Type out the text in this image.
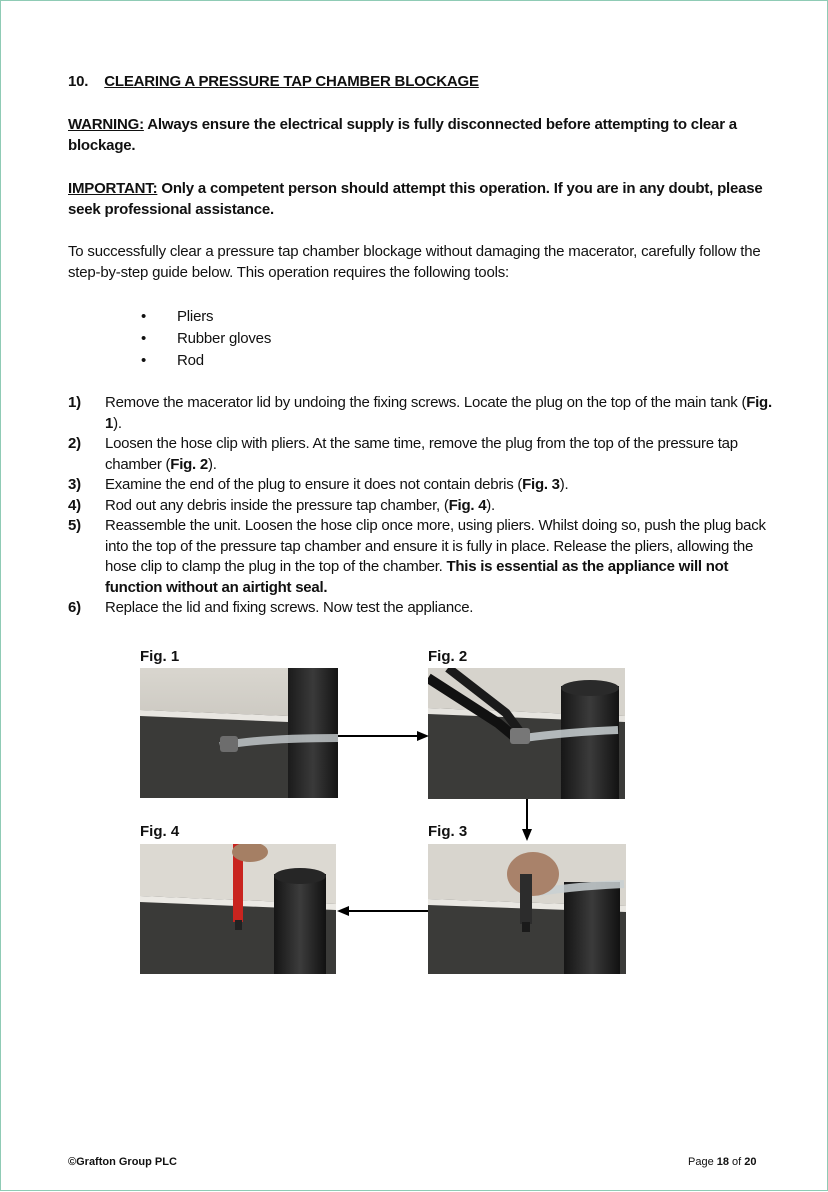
10. CLEARING A PRESSURE TAP CHAMBER BLOCKAGE
WARNING: Always ensure the electrical supply is fully disconnected before attempting to clear a blockage.
IMPORTANT: Only a competent person should attempt this operation. If you are in any doubt, please seek professional assistance.
To successfully clear a pressure tap chamber blockage without damaging the macerator, carefully follow the step-by-step guide below. This operation requires the following tools:
• Pliers
• Rubber gloves
• Rod
1) Remove the macerator lid by undoing the fixing screws. Locate the plug on the top of the main tank (Fig. 1).
2) Loosen the hose clip with pliers. At the same time, remove the plug from the top of the pressure tap chamber (Fig. 2).
3) Examine the end of the plug to ensure it does not contain debris (Fig. 3).
4) Rod out any debris inside the pressure tap chamber, (Fig. 4).
5) Reassemble the unit. Loosen the hose clip once more, using pliers. Whilst doing so, push the plug back into the top of the pressure tap chamber and ensure it is fully in place. Release the pliers, allowing the hose clip to clamp the plug in the top of the chamber. This is essential as the appliance will not function without an airtight seal.
6) Replace the lid and fixing screws. Now test the appliance.
Fig. 1	Fig. 2
Fig. 4	Fig. 3
©Grafton Group PLC	Page 18 of 20
